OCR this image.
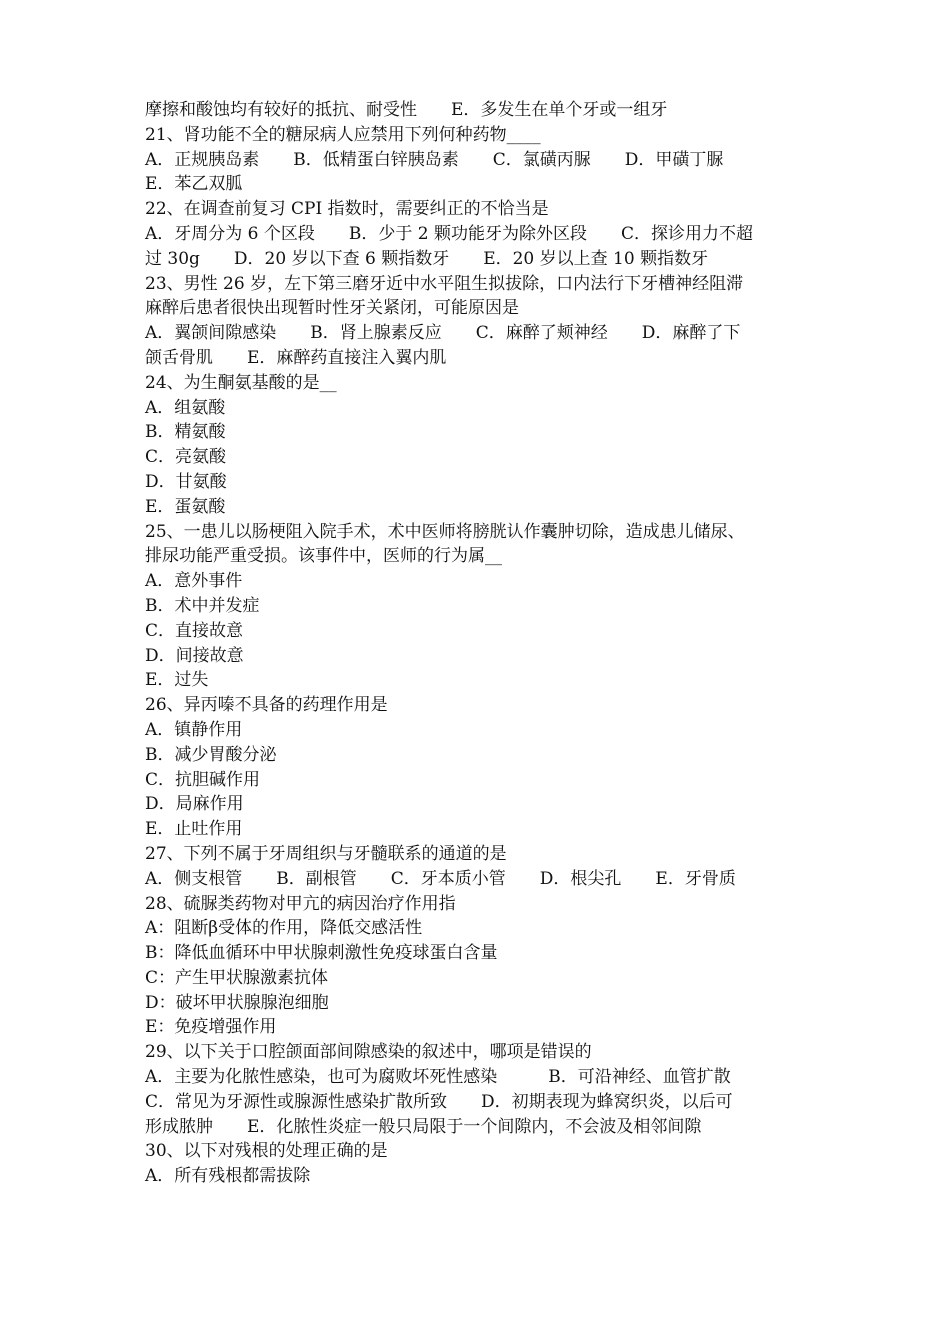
摩擦和酸蚀均有较好的抵抗、耐受性　　E．多发生在单个牙或一组牙
21、肾功能不全的糖尿病人应禁用下列何种药物____
A．正规胰岛素　　B．低精蛋白锌胰岛素　　C．氯磺丙脲　　D．甲磺丁脲
E．苯乙双胍
22、在调查前复习 CPI 指数时，需要纠正的不恰当是
A．牙周分为 6 个区段　　B．少于 2 颗功能牙为除外区段　　C．探诊用力不超
过 30g　　D．20 岁以下查 6 颗指数牙　　E．20 岁以上查 10 颗指数牙
23、男性 26 岁，左下第三磨牙近中水平阻生拟拔除，口内法行下牙槽神经阻滞
麻醉后患者很快出现暂时性牙关紧闭，可能原因是
A．翼颌间隙感染　　B．肾上腺素反应　　C．麻醉了颊神经　　D．麻醉了下
颌舌骨肌　　E．麻醉药直接注入翼内肌
24、为生酮氨基酸的是__
A．组氨酸
B．精氨酸
C．亮氨酸
D．甘氨酸
E．蛋氨酸
25、一患儿以肠梗阻入院手术，术中医师将膀胱认作囊肿切除，造成患儿储尿、
排尿功能严重受损。该事件中，医师的行为属__
A．意外事件
B．术中并发症
C．直接故意
D．间接故意
E．过失
26、异丙嗪不具备的药理作用是
A．镇静作用
B．减少胃酸分泌
C．抗胆碱作用
D．局麻作用
E．止吐作用
27、下列不属于牙周组织与牙髓联系的通道的是
A．侧支根管　　B．副根管　　C．牙本质小管　　D．根尖孔　　E．牙骨质
28、硫脲类药物对甲亢的病因治疗作用指
A：阻断β受体的作用，降低交感活性
B：降低血循环中甲状腺刺激性免疫球蛋白含量
C：产生甲状腺激素抗体
D：破坏甲状腺腺泡细胞
E：免疫增强作用
29、以下关于口腔颌面部间隙感染的叙述中，哪项是错误的
A．主要为化脓性感染，也可为腐败坏死性感染　　　B．可沿神经、血管扩散
C．常见为牙源性或腺源性感染扩散所致　　D．初期表现为蜂窝织炎，以后可
形成脓肿　　E．化脓性炎症一般只局限于一个间隙内，不会波及相邻间隙
30、以下对残根的处理正确的是
A．所有残根都需拔除
